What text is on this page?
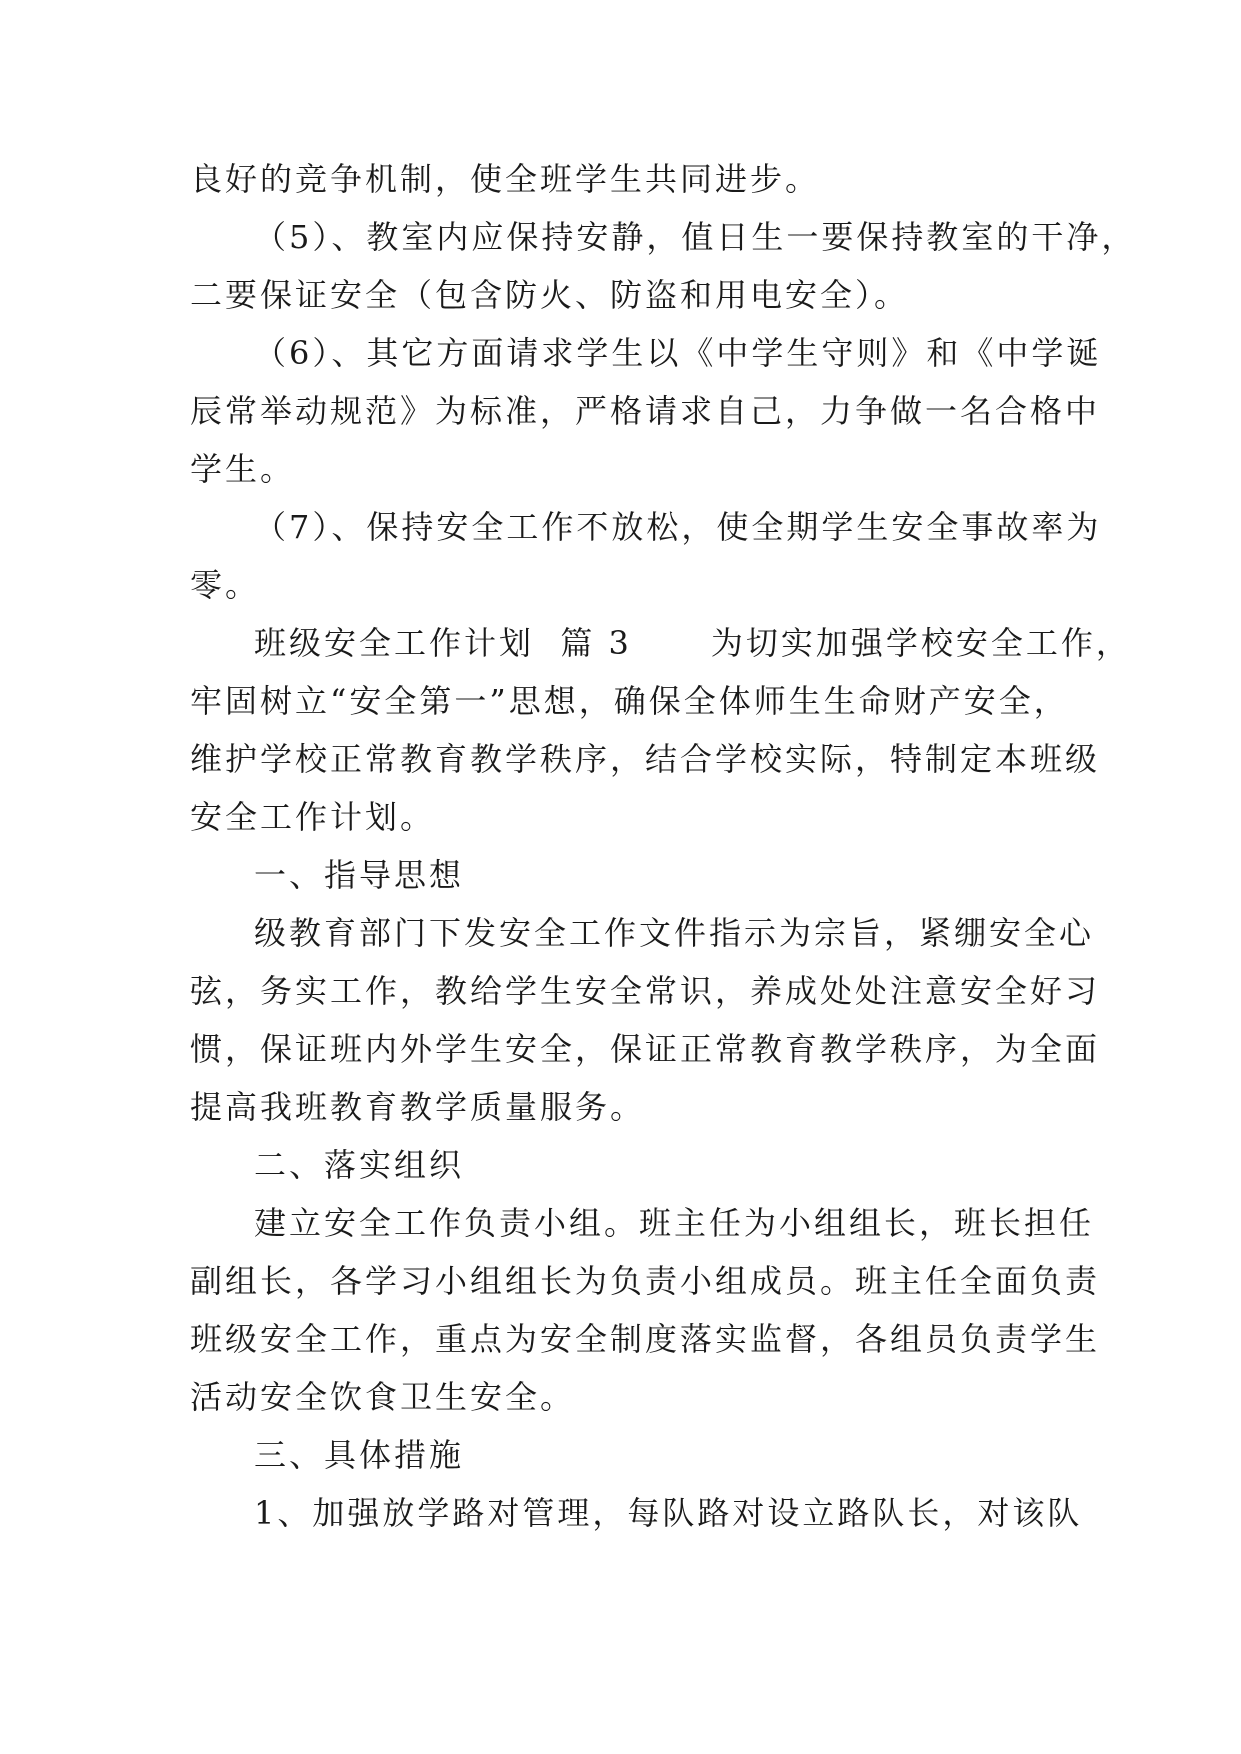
良好的竞争机制，使全班学生共同进步。
（5）、教室内应保持安静，值日生一要保持教室的干净，
二要保证安全（包含防火、防盗和用电安全）。
（6）、其它方面请求学生以《中学生守则》和《中学诞
辰常举动规范》为标准，严格请求自己，力争做一名合格中
学生。
（7）、保持安全工作不放松，使全期学生安全事故率为
零。
班级安全工作计划  篇 3      为切实加强学校安全工作，
牢固树立“安全第一”思想，确保全体师生生命财产安全，
维护学校正常教育教学秩序，结合学校实际，特制定本班级
安全工作计划。
一、指导思想
级教育部门下发安全工作文件指示为宗旨，紧绷安全心
弦，务实工作，教给学生安全常识，养成处处注意安全好习
惯，保证班内外学生安全，保证正常教育教学秩序，为全面
提高我班教育教学质量服务。
二、落实组织
建立安全工作负责小组。班主任为小组组长，班长担任
副组长，各学习小组组长为负责小组成员。班主任全面负责
班级安全工作，重点为安全制度落实监督，各组员负责学生
活动安全饮食卫生安全。
三、具体措施
1、加强放学路对管理，每队路对设立路队长，对该队
